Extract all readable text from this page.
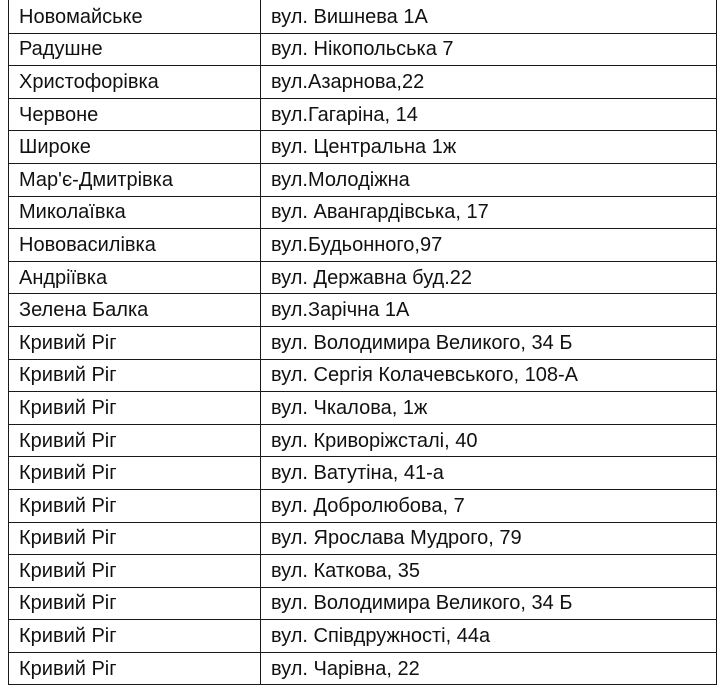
Новомайське	вул. Вишнева 1А
Радушне	вул. Нікопольська 7
Христофорівка	вул.Азарнова,22
Червоне	вул.Гагаріна, 14
Широке	вул. Центральна 1ж
Мар'є-Дмитрівка	вул.Молодіжна
Миколаївка	вул. Авангардівська, 17
Нововасилівка	вул.Будьонного,97
Андріївка	вул. Державна буд.22
Зелена Балка	вул.Зарічна 1А
Кривий Ріг	вул. Володимира Великого, 34 Б
Кривий Ріг	вул. Сергія Колачевського, 108-А
Кривий Ріг	вул. Чкалова, 1ж
Кривий Ріг	вул. Криворіжсталі, 40
Кривий Ріг	вул. Ватутіна, 41-а
Кривий Ріг	вул. Добролюбова, 7
Кривий Ріг	вул. Ярослава Мудрого, 79
Кривий Ріг	вул. Каткова, 35
Кривий Ріг	вул. Володимира Великого, 34 Б
Кривий Ріг	вул. Співдружності, 44а
Кривий Ріг	вул. Чарівна, 22
